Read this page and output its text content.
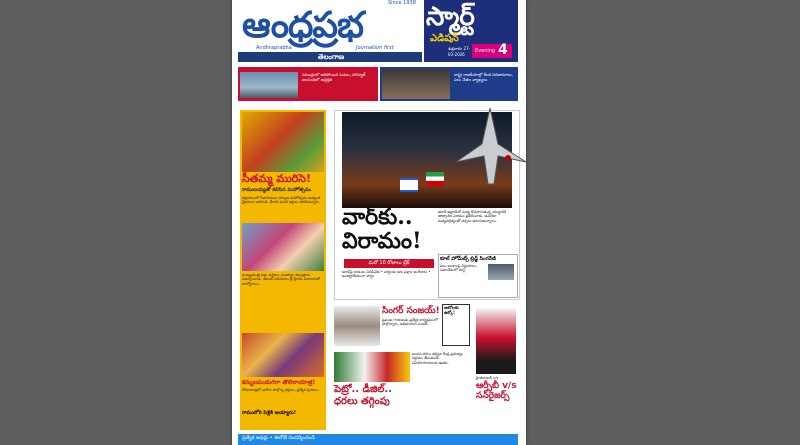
ఆంధ్రప్రభ
Since 1938
Andhraprabha	Journalism first
తెలంగాణ
స్మార్ట్
ఎడిషన్
శుక్రవారం 27-03-2026
Evening 4
సముద్రంలో ఆగిపోయిన ఓడలు, హార్మూజ్ జలసంధిలో ఉద్రిక్తత
రాష్ట్ర రాజకీయాల్లో కీలక పరిణామాలు, పలు నేతల వ్యాఖ్యలు
సీతమ్మ మురిసె!
రాములయ్యతో కలిసిన మహోత్సవం
భద్రాచలంలో సీతారాముల కల్యాణ మహోత్సవం అత్యంత వైభవంగా జరిగింది. వేలాది మంది భక్తులు తరలివచ్చారు.
ముఖ్యమంత్రి పట్టు వస్త్రాలు, ముత్యాల తలంబ్రాలు సమర్పించారు. ఆలయ పరిసరాలు జై శ్రీరామ్ నినాదాలతో మార్మోగాయి.
కన్నులపండుగగా తొలిరాయాత్ర!
శోభాయాత్రలో భారీగా పాల్గొన్న భక్తులు, ప్రత్యేక పూజలు.
రాములోరి పెళ్లికి అయ్యారు!
వార్‌కు.. విరామం!
ఇరాన్-ఇజ్రాయెల్ మధ్య కొనసాగుతున్న యుద్ధానికి తాత్కాలిక విరామం ప్రకటించారు. అమెరికా మధ్యవర్తిత్వంతో చర్చలు జరుగుతున్నాయి.
మరో 10 రోజులు బ్రేక్
ఇరాన్‌పై దాడులు నిలిపివేత • చర్చలకు ఇరు పక్షాల అంగీకారం • అంతర్జాతీయంగా హర్షం
కూల్ హోమ్‌ట్స్ బ్రిడ్జ్ సింగరేణి
పలు అంశాలపై నిర్ణయాలు, సమావేశంలో చర్చ.
సింగర్ సంజయ్!
ప్రముఖ గాయకుడు ప్రత్యేక కార్యక్రమంలో పాల్గొన్నారు, అభిమానుల సందడి.
ఆటోలకు ఉక్కో!
పెట్రో.. డీజిల్.. ధరలు తగ్గింపు
ఇంధన ధరలు తగ్గిస్తూ కేంద్ర ప్రభుత్వం నిర్ణయం తీసుకుంది. వినియోగదారులకు ఊరట.
హైదరాబాద్ v/s
ఆర్సీబీ v/s సన్‌రైజర్స్
ప్రత్యేక ఆఫర్లు • ఈరోజే సందర్శించండి
